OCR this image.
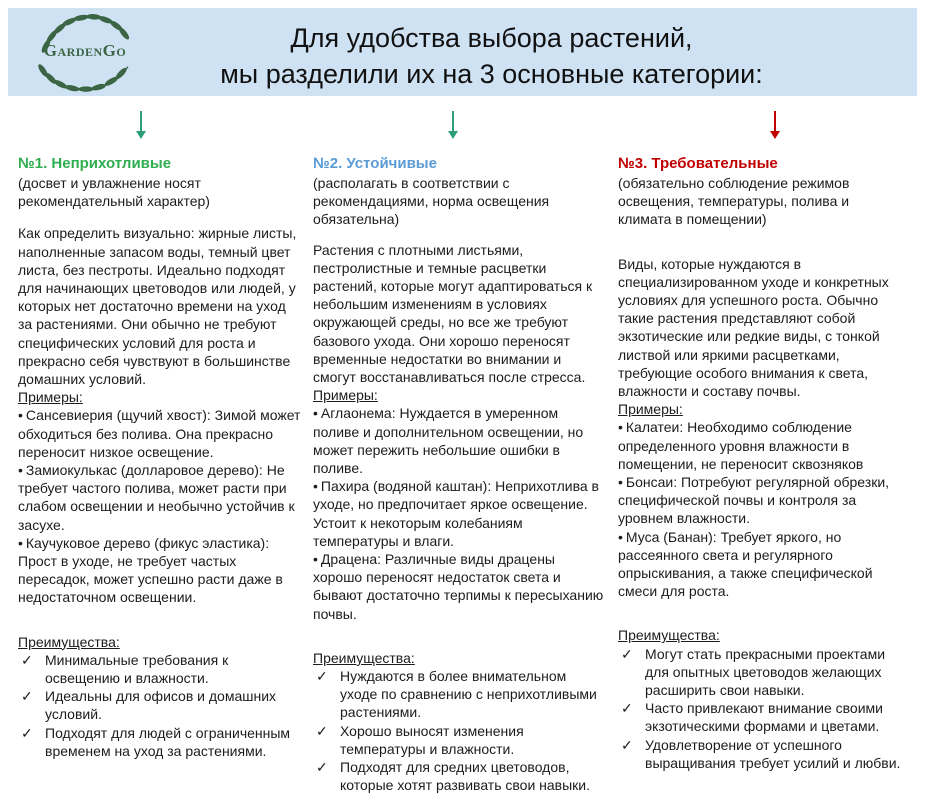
GardenGo	Для удобства выбора растений,
мы разделили их на 3 основные категории:
№1. Неприхотливые

(досвет и увлажнение носят рекомендательный характер)

Как определить визуально: жирные листы, наполненные запасом воды, темный цвет листа, без пестроты. Идеально подходят для начинающих цветоводов или людей, у которых нет достаточно времени на уход за растениями. Они обычно не требуют специфических условий для роста и прекрасно себя чувствуют в большинстве домашних условий.

Примеры:

• Сансевиерия (щучий хвост): Зимой может обходиться без полива. Она прекрасно переносит низкое освещение.
• Замиокулькас (долларовое дерево): Не требует частого полива, может расти при слабом освещении и необычно устойчив к засухе.
• Каучуковое дерево (фикус эластика): Прост в уходе, не требует частых пересадок, может успешно расти даже в недостаточном освещении.

Преимущества:

✓ Минимальные требования к освещению и влажности.
✓ Идеальны для офисов и домашних условий.
✓ Подходят для людей с ограниченным временем на уход за растениями.
№2. Устойчивые

(располагать в соответствии с рекомендациями, норма освещения обязательна)

Растения с плотными листьями, пестролистные и темные расцветки растений, которые могут адаптироваться к небольшим изменениям в условиях окружающей среды, но все же требуют базового ухода. Они хорошо переносят временные недостатки во внимании и смогут восстанавливаться после стресса.

Примеры:

• Аглаонема: Нуждается в умеренном поливе и дополнительном освещении, но может пережить небольшие ошибки в поливе.
• Пахира (водяной каштан): Неприхотлива в уходе, но предпочитает яркое освещение. Устоит к некоторым колебаниям температуры и влаги.
• Драцена: Различные виды драцены хорошо переносят недостаток света и бывают достаточно терпимы к пересыханию почвы.

Преимущества:

✓ Нуждаются в более внимательном уходе по сравнению с неприхотливыми растениями.
✓ Хорошо выносят изменения температуры и влажности.
✓ Подходят для средних цветоводов, которые хотят развивать свои навыки.
№3. Требовательные

(обязательно соблюдение режимов освещения, температуры, полива и климата в помещении)

Виды, которые нуждаются в специализированном уходе и конкретных условиях для успешного роста. Обычно такие растения представляют собой экзотические или редкие виды, с тонкой листвой или яркими расцветками, требующие особого внимания к света, влажности и составу почвы.

Примеры:

• Калатеи: Необходимо соблюдение определенного уровня влажности в помещении, не переносит сквозняков
• Бонсаи: Потребуют регулярной обрезки, специфической почвы и контроля за уровнем влажности.
• Муса (Банан): Требует яркого, но рассеянного света и регулярного опрыскивания, а также специфической смеси для роста.

Преимущества:

✓ Могут стать прекрасными проектами для опытных цветоводов желающих расширить свои навыки.
✓ Часто привлекают внимание своими экзотическими формами и цветами.
✓ Удовлетворение от успешного выращивания требует усилий и любви.
